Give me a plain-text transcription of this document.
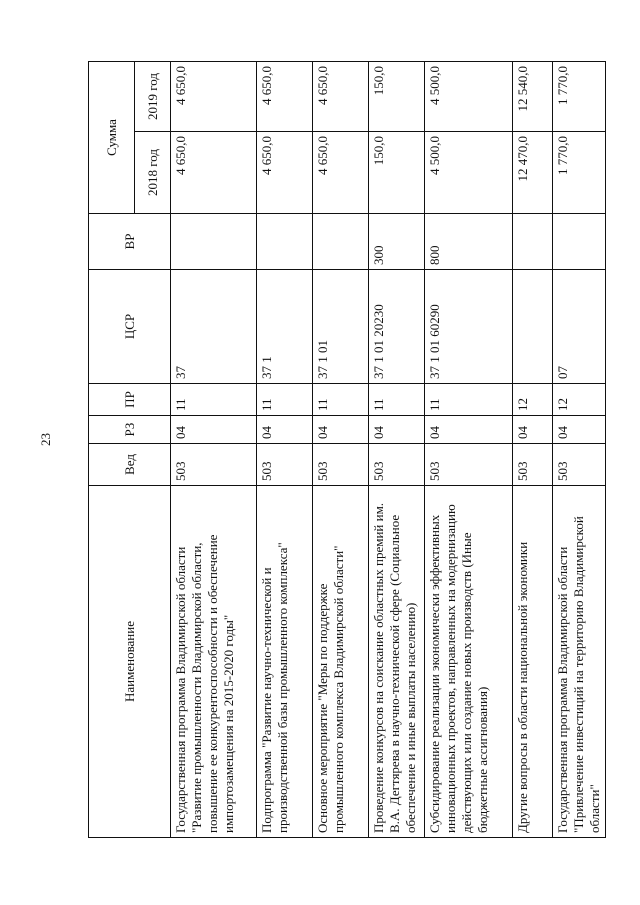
23
Наименование	Вед	РЗ	ПР	ЦСР	ВР	Сумма	
						2018 год	2019 год
Государственная программа Владимирской области "Развитие промышленности Владимирской области, повышение ее конкурентоспособности и обеспечение импортозамещения на 2015-2020 годы"	503	04	11	37		4 650,0	4 650,0
Подпрограмма "Развитие научно-технической и производственной базы промышленного комплекса"	503	04	11	37 1		4 650,0	4 650,0
Основное мероприятие "Меры по поддержке промышленного комплекса Владимирской области"	503	04	11	37 1 01		4 650,0	4 650,0
Проведение конкурсов на соискание областных премий им. В.А. Дегтярева в научно-технической сфере (Социальное обеспечение и иные выплаты населению)	503	04	11	37 1 01 20230	300	150,0	150,0
Субсидирование реализации экономически эффективных инновационных проектов, направленных на модернизацию действующих или создание новых производств (Иные бюджетные ассигнования)	503	04	11	37 1 01 60290	800	4 500,0	4 500,0
Другие вопросы в области национальной экономики	503	04	12			12 470,0	12 540,0
Государственная программа Владимирской области "Привлечение инвестиций на территорию Владимирской области"	503	04	12	07		1 770,0	1 770,0
